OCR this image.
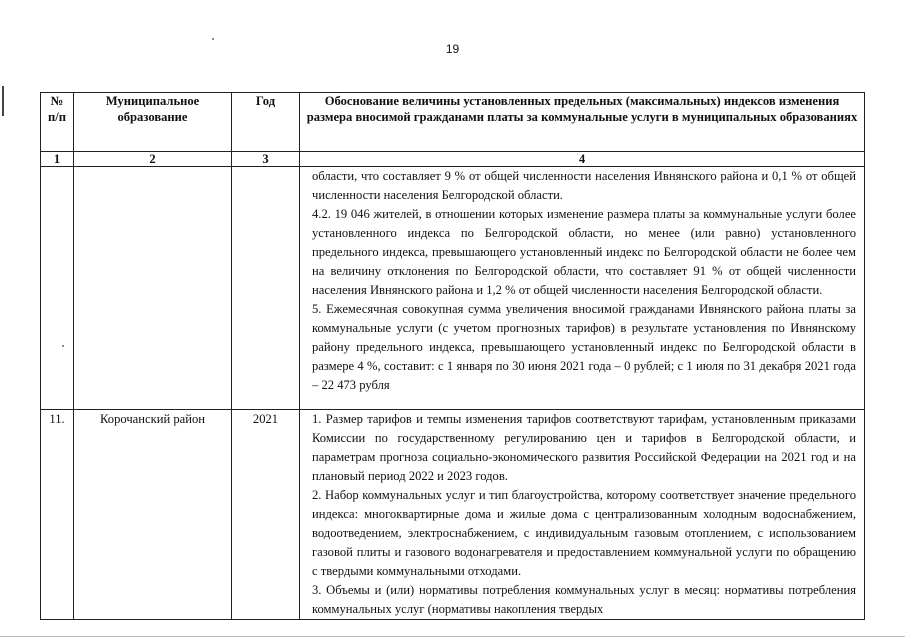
19
№ п/п	Муниципальное образование	Год	Обоснование величины установленных предельных (максимальных) индексов изменения размера вносимой гражданами платы за коммунальные услуги в муниципальных образованиях
1	2	3	4

			области, что составляет 9 % от общей численности населения Ивнянского района и 0,1 % от общей численности населения Белгородской области.

4.2. 19 046 жителей, в отношении которых изменение размера платы за коммунальные услуги более установленного индекса по Белгородской области, но менее (или равно) установленного предельного индекса, превышающего установленный индекс по Белгородской области не более чем на величину отклонения по Белгородской области, что составляет 91 % от общей численности населения Ивнянского района и 1,2 % от общей численности населения Белгородской области.

5. Ежемесячная совокупная сумма увеличения вносимой гражданами Ивнянского района платы за коммунальные услуги (с учетом прогнозных тарифов) в результате установления по Ивнянскому району предельного индекса, превышающего установленный индекс по Белгородской области в размере 4 %, составит: с 1 января по 30 июня 2021 года – 0 рублей; с 1 июля по 31 декабря 2021 года – 22 473 рубля

11.	Корочанский район	2021	1. Размер тарифов и темпы изменения тарифов соответствуют тарифам, установленным приказами Комиссии по государственному регулированию цен и тарифов в Белгородской области, и параметрам прогноза социально-экономического развития Российской Федерации на 2021 год и на плановый период 2022 и 2023 годов.

2. Набор коммунальных услуг и тип благоустройства, которому соответствует значение предельного индекса: многоквартирные дома и жилые дома с централизованным холодным водоснабжением, водоотведением, электроснабжением, с индивидуальным газовым отоплением, с использованием газовой плиты и газового водонагревателя и предоставлением коммунальной услуги по обращению с твердыми коммунальными отходами.

3. Объемы и (или) нормативы потребления коммунальных услуг в месяц: нормативы потребления коммунальных услуг (нормативы накопления твердых
